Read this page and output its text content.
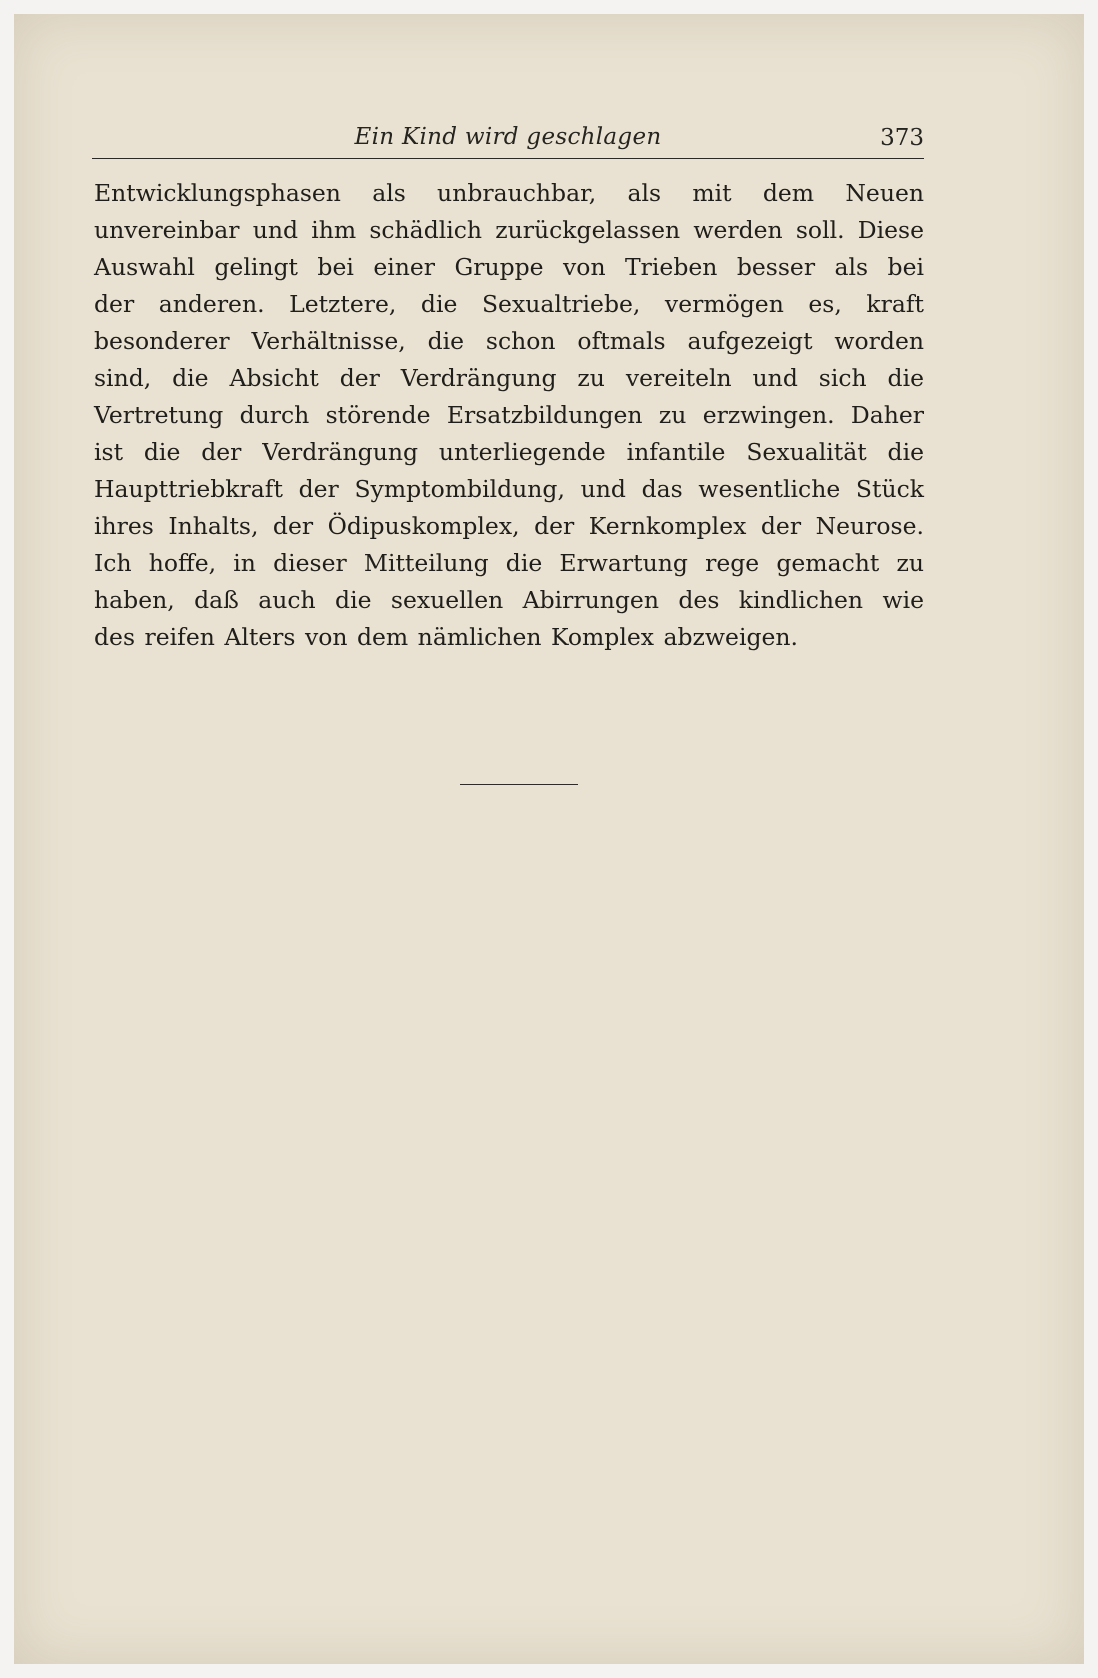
Ein Kind wird geschlagen	373
Entwicklungsphasen als unbrauchbar, als mit dem Neuen
unvereinbar und ihm schädlich zurückgelassen werden soll. Diese
Auswahl gelingt bei einer Gruppe von Trieben besser als bei
der anderen. Letztere, die Sexualtriebe, vermögen es, kraft
besonderer Verhältnisse, die schon oftmals aufgezeigt worden
sind, die Absicht der Verdrängung zu vereiteln und sich die
Vertretung durch störende Ersatzbildungen zu erzwingen. Daher
ist die der Verdrängung unterliegende infantile Sexualität die
Haupttriebkraft der Symptombildung, und das wesentliche Stück
ihres Inhalts, der Ödipuskomplex, der Kernkomplex der Neurose.
Ich hoffe, in dieser Mitteilung die Erwartung rege gemacht zu
haben, daß auch die sexuellen Abirrungen des kindlichen wie
des reifen Alters von dem nämlichen Komplex abzweigen.
